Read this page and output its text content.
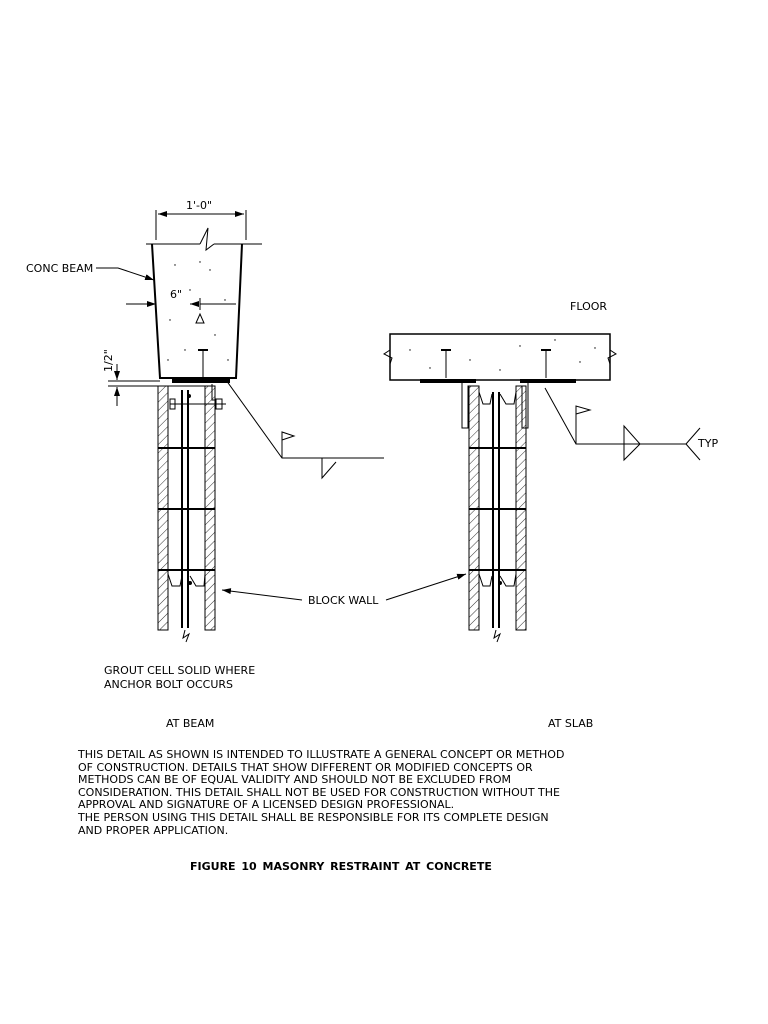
1'-0"
6"
CONC BEAM
1/2"
BLOCK WALL
FLOOR
TYP
GROUT CELL SOLID WHERE
ANCHOR BOLT OCCURS
AT BEAM	AT SLAB

THIS DETAIL AS SHOWN IS INTENDED TO ILLUSTRATE A GENERAL CONCEPT OR METHOD
OF CONSTRUCTION. DETAILS THAT SHOW DIFFERENT OR MODIFIED CONCEPTS OR
METHODS CAN BE OF EQUAL VALIDITY AND SHOULD NOT BE EXCLUDED FROM
CONSIDERATION. THIS DETAIL SHALL NOT BE USED FOR CONSTRUCTION WITHOUT THE
APPROVAL AND SIGNATURE OF A LICENSED DESIGN PROFESSIONAL.
THE PERSON USING THIS DETAIL SHALL BE RESPONSIBLE FOR ITS COMPLETE DESIGN
AND PROPER APPLICATION.

FIGURE 10 MASONRY RESTRAINT AT CONCRETE
